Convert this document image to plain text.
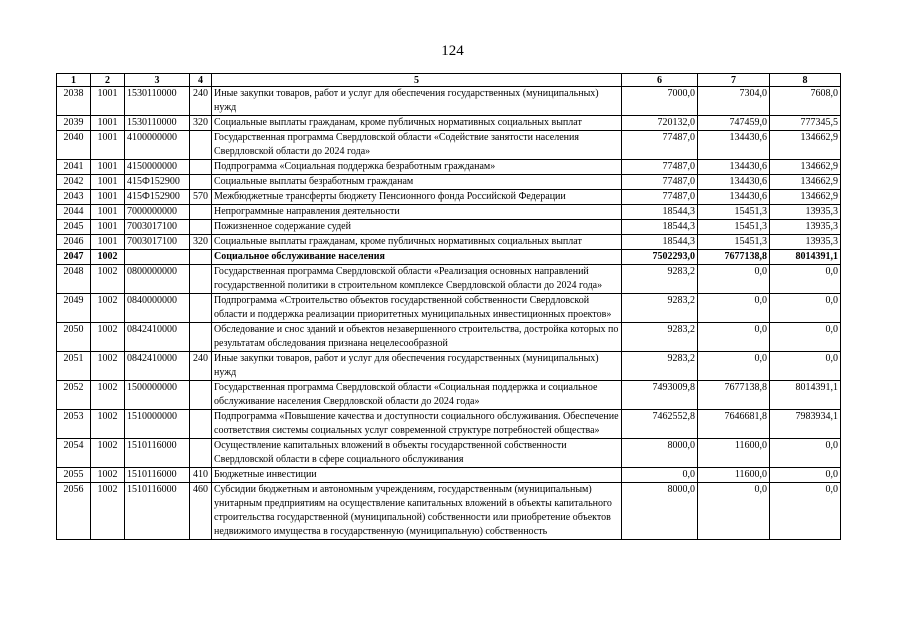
124
1	2	3	4	5	6	7	8
2038	1001	1530110000	240	Иные закупки товаров, работ и услуг для обеспечения государственных (муниципальных) нужд	7000,0	7304,0	7608,0
2039	1001	1530110000	320	Социальные выплаты гражданам, кроме публичных нормативных социальных выплат	720132,0	747459,0	777345,5
2040	1001	4100000000		Государственная программа Свердловской области «Содействие занятости населения Свердловской области до 2024 года»	77487,0	134430,6	134662,9
2041	1001	4150000000		Подпрограмма «Социальная поддержка безработным гражданам»	77487,0	134430,6	134662,9
2042	1001	415Ф152900		Социальные выплаты безработным гражданам	77487,0	134430,6	134662,9
2043	1001	415Ф152900	570	Межбюджетные трансферты бюджету Пенсионного фонда Российской Федерации	77487,0	134430,6	134662,9
2044	1001	7000000000		Непрограммные направления деятельности	18544,3	15451,3	13935,3
2045	1001	7003017100		Пожизненное содержание судей	18544,3	15451,3	13935,3
2046	1001	7003017100	320	Социальные выплаты гражданам, кроме публичных нормативных социальных выплат	18544,3	15451,3	13935,3
2047	1002			Социальное обслуживание населения	7502293,0	7677138,8	8014391,1
2048	1002	0800000000		Государственная программа Свердловской области «Реализация основных направлений государственной политики в строительном комплексе Свердловской области до 2024 года»	9283,2	0,0	0,0
2049	1002	0840000000		Подпрограмма «Строительство объектов государственной собственности Свердловской области и поддержка реализации приоритетных муниципальных инвестиционных проектов»	9283,2	0,0	0,0
2050	1002	0842410000		Обследование и снос зданий и объектов незавершенного строительства, достройка которых по результатам обследования признана нецелесообразной	9283,2	0,0	0,0
2051	1002	0842410000	240	Иные закупки товаров, работ и услуг для обеспечения государственных (муниципальных) нужд	9283,2	0,0	0,0
2052	1002	1500000000		Государственная программа Свердловской области «Социальная поддержка и социальное обслуживание населения Свердловской области до 2024 года»	7493009,8	7677138,8	8014391,1
2053	1002	1510000000		Подпрограмма «Повышение качества и доступности социального обслуживания. Обеспечение соответствия системы социальных услуг современной структуре потребностей общества»	7462552,8	7646681,8	7983934,1
2054	1002	1510116000		Осуществление капитальных вложений в объекты государственной собственности Свердловской области в сфере социального обслуживания	8000,0	11600,0	0,0
2055	1002	1510116000	410	Бюджетные инвестиции	0,0	11600,0	0,0
2056	1002	1510116000	460	Субсидии бюджетным и автономным учреждениям, государственным (муниципальным) унитарным предприятиям на осуществление капитальных вложений в объекты капитального строительства государственной (муниципальной) собственности или приобретение объектов недвижимого имущества в государственную (муниципальную) собственность	8000,0	0,0	0,0
